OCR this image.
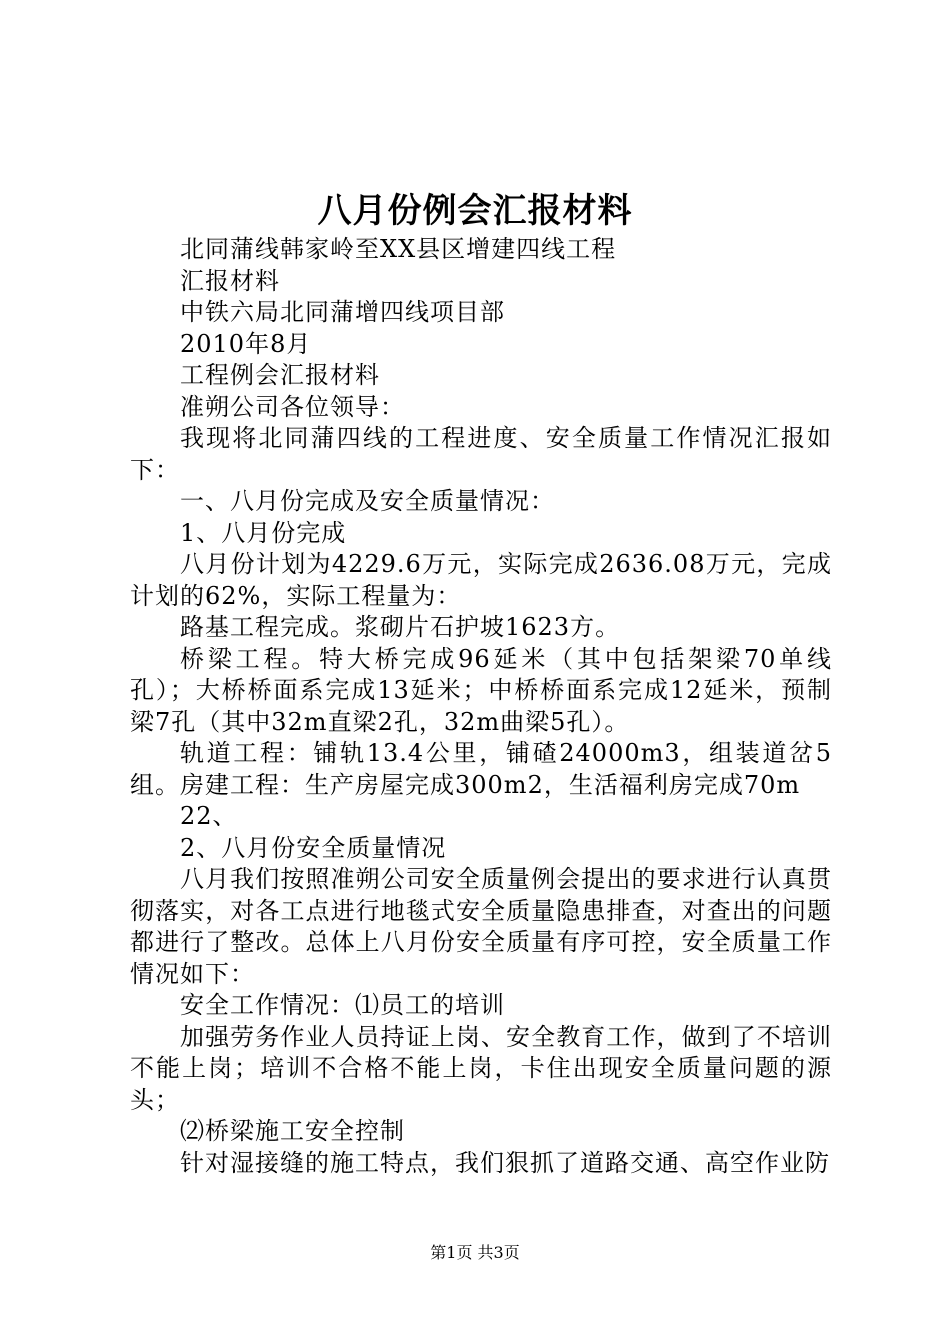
八月份例会汇报材料

北同蒲线韩家岭至XX县区增建四线工程

汇报材料

中铁六局北同蒲增四线项目部

2010年8月

工程例会汇报材料

准朔公司各位领导：

我现将北同蒲四线的工程进度、安全质量工作情况汇报如下：

一、八月份完成及安全质量情况：

1、八月份完成

八月份计划为4229.6万元，实际完成2636.08万元，完成计划的62%，实际工程量为：

路基工程完成。浆砌片石护坡1623方。

桥梁工程。特大桥完成96延米（其中包括架梁70单线孔）；大桥桥面系完成13延米；中桥桥面系完成12延米，预制梁7孔（其中32m直梁2孔，32m曲梁5孔）。

轨道工程：铺轨13.4公里，铺碴24000m3，组装道岔5组。房建工程：生产房屋完成300m2，生活福利房完成70m

22、

2、八月份安全质量情况

八月我们按照准朔公司安全质量例会提出的要求进行认真贯彻落实，对各工点进行地毯式安全质量隐患排查，对查出的问题都进行了整改。总体上八月份安全质量有序可控，安全质量工作情况如下：

安全工作情况：⑴员工的培训

加强劳务作业人员持证上岗、安全教育工作，做到了不培训不能上岗；培训不合格不能上岗，卡住出现安全质量问题的源头；

⑵桥梁施工安全控制

针对湿接缝的施工特点，我们狠抓了道路交通、高空作业防

第1页 共3页
